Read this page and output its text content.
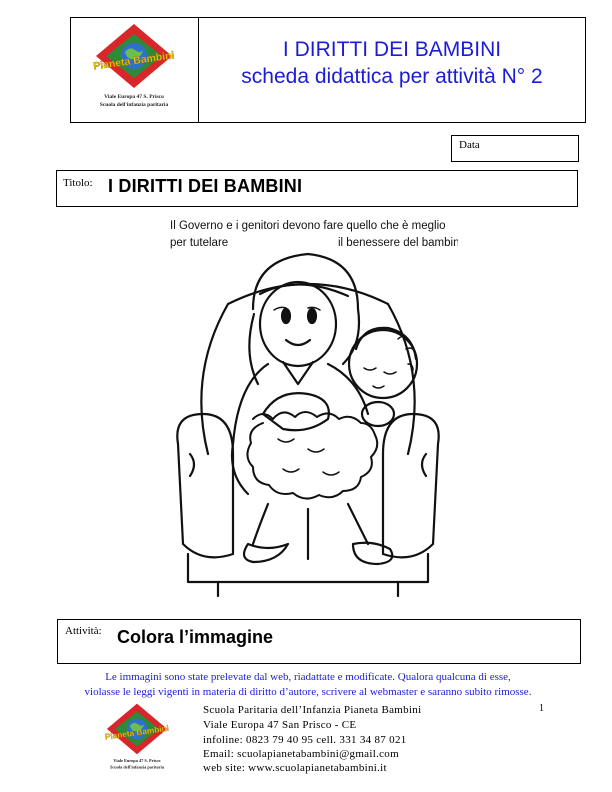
Pianeta Bambini
Viale Europa 47 S. Prisco
Scuola dell'infanzia paritaria
I DIRITTI DEI BAMBINI
scheda didattica per attività N° 2
Data
Titolo: I DIRITTI DEI BAMBINI
Il Governo e i genitori devono fare quello che è meglio
per tutelare	il benessere del bambino
Attività: Colora l’immagine
Le immagini sono state prelevate dal web, riadattate e modificate. Qualora qualcuna di esse,
violasse le leggi vigenti in materia di diritto d’autore, scrivere al webmaster e saranno subito rimosse.
1
Pianeta Bambini
Viale Europa 47 S. Prisco
Scuola dell'infanzia paritaria
Scuola Paritaria dell’Infanzia Pianeta Bambini
Viale Europa 47 San Prisco - CE
infoline: 0823 79 40 95 cell. 331 34 87 021
Email: scuolapianetabambini@gmail.com
web site: www.scuolapianetabambini.it
